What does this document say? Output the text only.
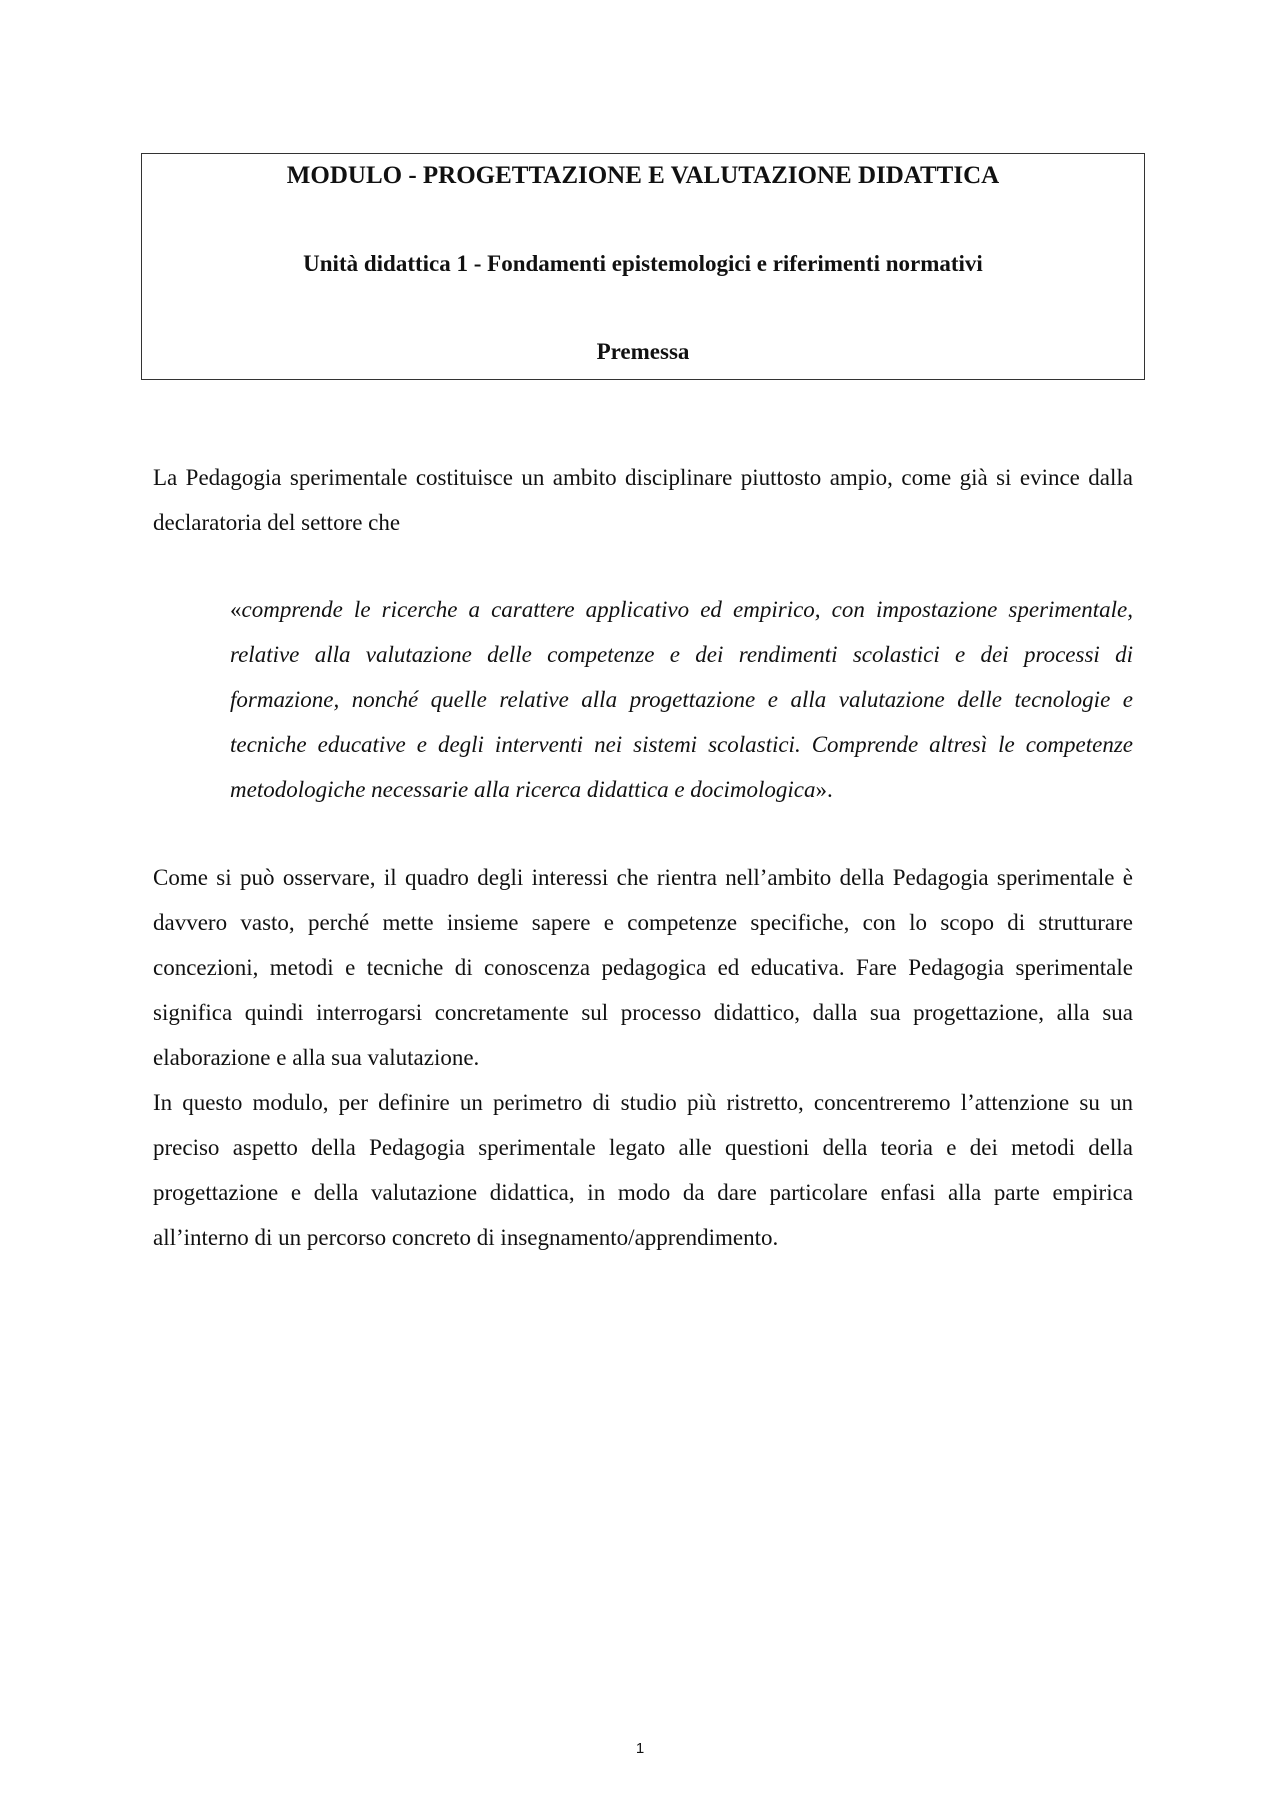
MODULO - PROGETTAZIONE E VALUTAZIONE DIDATTICA
Unità didattica 1 - Fondamenti epistemologici e riferimenti normativi
Premessa

La Pedagogia sperimentale costituisce un ambito disciplinare piuttosto ampio, come già si evince dalla declaratoria del settore che

«comprende le ricerche a carattere applicativo ed empirico, con impostazione sperimentale, relative alla valutazione delle competenze e dei rendimenti scolastici e dei processi di formazione, nonché quelle relative alla progettazione e alla valutazione delle tecnologie e tecniche educative e degli interventi nei sistemi scolastici. Comprende altresì le competenze metodologiche necessarie alla ricerca didattica e docimologica».

Come si può osservare, il quadro degli interessi che rientra nell’ambito della Pedagogia sperimentale è davvero vasto, perché mette insieme sapere e competenze specifiche, con lo scopo di strutturare concezioni, metodi e tecniche di conoscenza pedagogica ed educativa. Fare Pedagogia sperimentale significa quindi interrogarsi concretamente sul processo didattico, dalla sua progettazione, alla sua elaborazione e alla sua valutazione.
In questo modulo, per definire un perimetro di studio più ristretto, concentreremo l’attenzione su un preciso aspetto della Pedagogia sperimentale legato alle questioni della teoria e dei metodi della progettazione e della valutazione didattica, in modo da dare particolare enfasi alla parte empirica all’interno di un percorso concreto di insegnamento/apprendimento.
1
